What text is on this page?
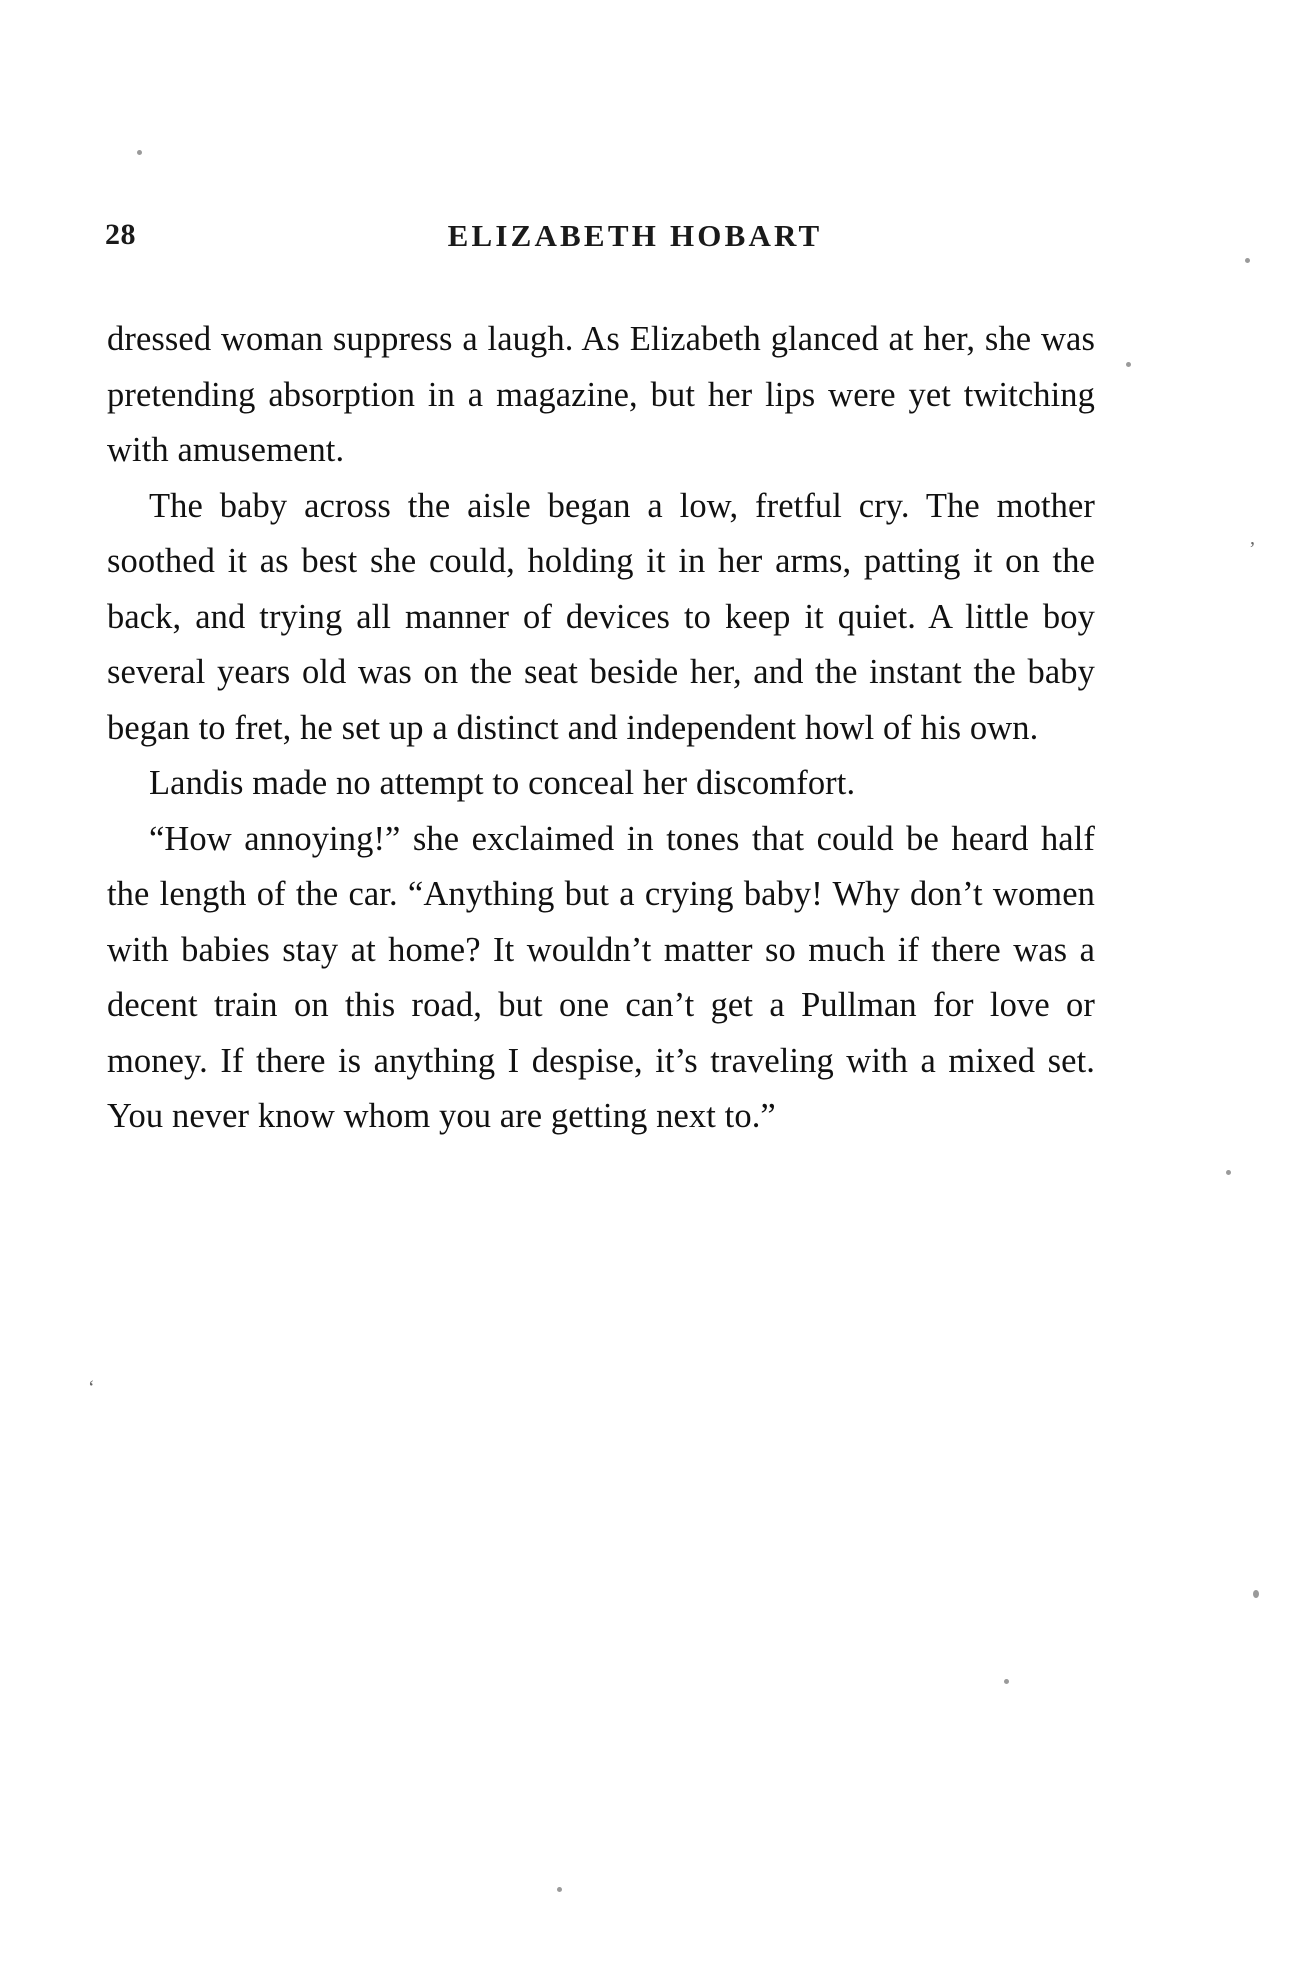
28	ELIZABETH HOBART

dressed woman suppress a laugh. As Elizabeth glanced at her, she was pretending absorption in a magazine, but her lips were yet twitching with amusement.

The baby across the aisle began a low, fretful cry. The mother soothed it as best she could, holding it in her arms, patting it on the back, and trying all manner of devices to keep it quiet. A little boy several years old was on the seat beside her, and the instant the baby began to fret, he set up a distinct and independent howl of his own.

Landis made no attempt to conceal her discomfort.

“How annoying!” she exclaimed in tones that could be heard half the length of the car. “Anything but a crying baby! Why don’t women with babies stay at home? It wouldn’t matter so much if there was a decent train on this road, but one can’t get a Pullman for love or money. If there is anything I despise, it’s traveling with a mixed set. You never know whom you are getting next to.”

’
‘
